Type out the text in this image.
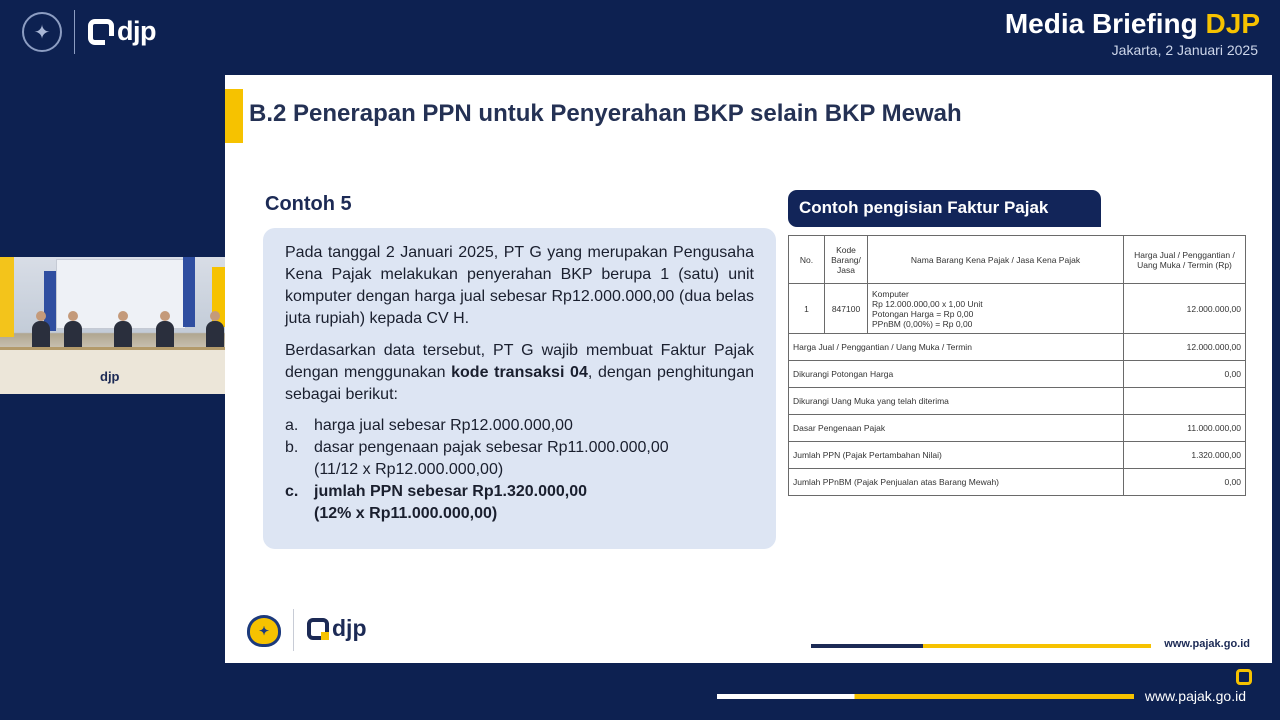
✦	djp	Media Briefing DJP
Jakarta, 2 Januari 2025
djp
B.2 Penerapan PPN untuk Penyerahan BKP selain BKP Mewah
Contoh 5

Pada tanggal 2 Januari 2025, PT G yang merupakan Pengusaha Kena Pajak melakukan penyerahan BKP berupa 1 (satu) unit komputer dengan harga jual sebesar Rp12.000.000,00 (dua belas juta rupiah) kepada CV H.

Berdasarkan data tersebut, PT G wajib membuat Faktur Pajak dengan menggunakan kode transaksi 04, dengan penghitungan sebagai berikut:

a. harga jual sebesar Rp12.000.000,00
b. dasar pengenaan pajak sebesar Rp11.000.000,00
(11/12 x Rp12.000.000,00)
c. jumlah PPN sebesar Rp1.320.000,00
(12% x Rp11.000.000,00)
Contoh pengisian Faktur Pajak
No.	Kode Barang/ Jasa	Nama Barang Kena Pajak / Jasa Kena Pajak	Harga Jual / Penggantian / Uang Muka / Termin (Rp)
1	847100	Komputer
Rp 12.000.000,00 x 1,00 Unit
Potongan Harga = Rp 0,00
PPnBM (0,00%) = Rp 0,00	12.000.000,00
Harga Jual / Penggantian / Uang Muka / Termin			12.000.000,00
Dikurangi Potongan Harga			0,00
Dikurangi Uang Muka yang telah diterima			
Dasar Pengenaan Pajak			11.000.000,00
Jumlah PPN (Pajak Pertambahan Nilai)			1.320.000,00
Jumlah PPnBM (Pajak Penjualan atas Barang Mewah)			0,00
✦	djp
www.pajak.go.id
www.pajak.go.id
